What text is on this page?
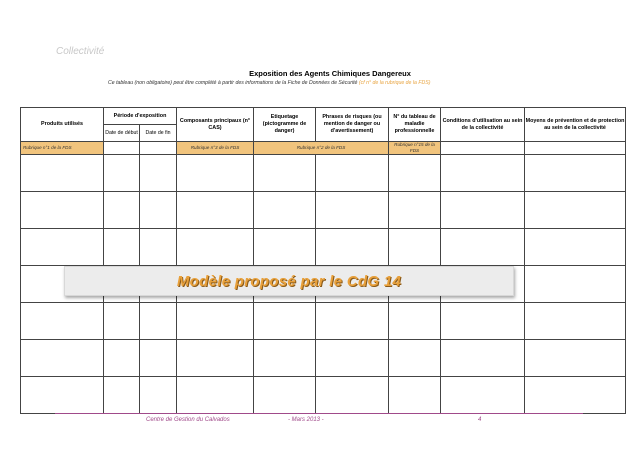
Collectivité
Exposition des Agents Chimiques Dangereux
Ce tableau (non obligatoire) peut être complété à partir des informations de la Fiche de Données de Sécurité (cf n° de la rubrique de la FDS)
Produits utilisés	Période d'exposition		Composants principaux (n° CAS)	Etiquetage (pictogramme de danger)	Phrases de risques (ou mention de danger ou d'avertissement)	N° du tableau de maladie professionnelle	Conditions d'utilisation au sein de la collectivité	Moyens de prévention et de protection au sein de la collectivité
	Date de début	Date de fin						
Rubrique n°1 de la FDS			Rubrique n°3 de la FDS	Rubrique n°2 de la FDS		Rubrique n°15 de la FDS		

Modèle proposé par le CdG 14
Centre de Gestion du Calvados	- Mars 2013 -	4
